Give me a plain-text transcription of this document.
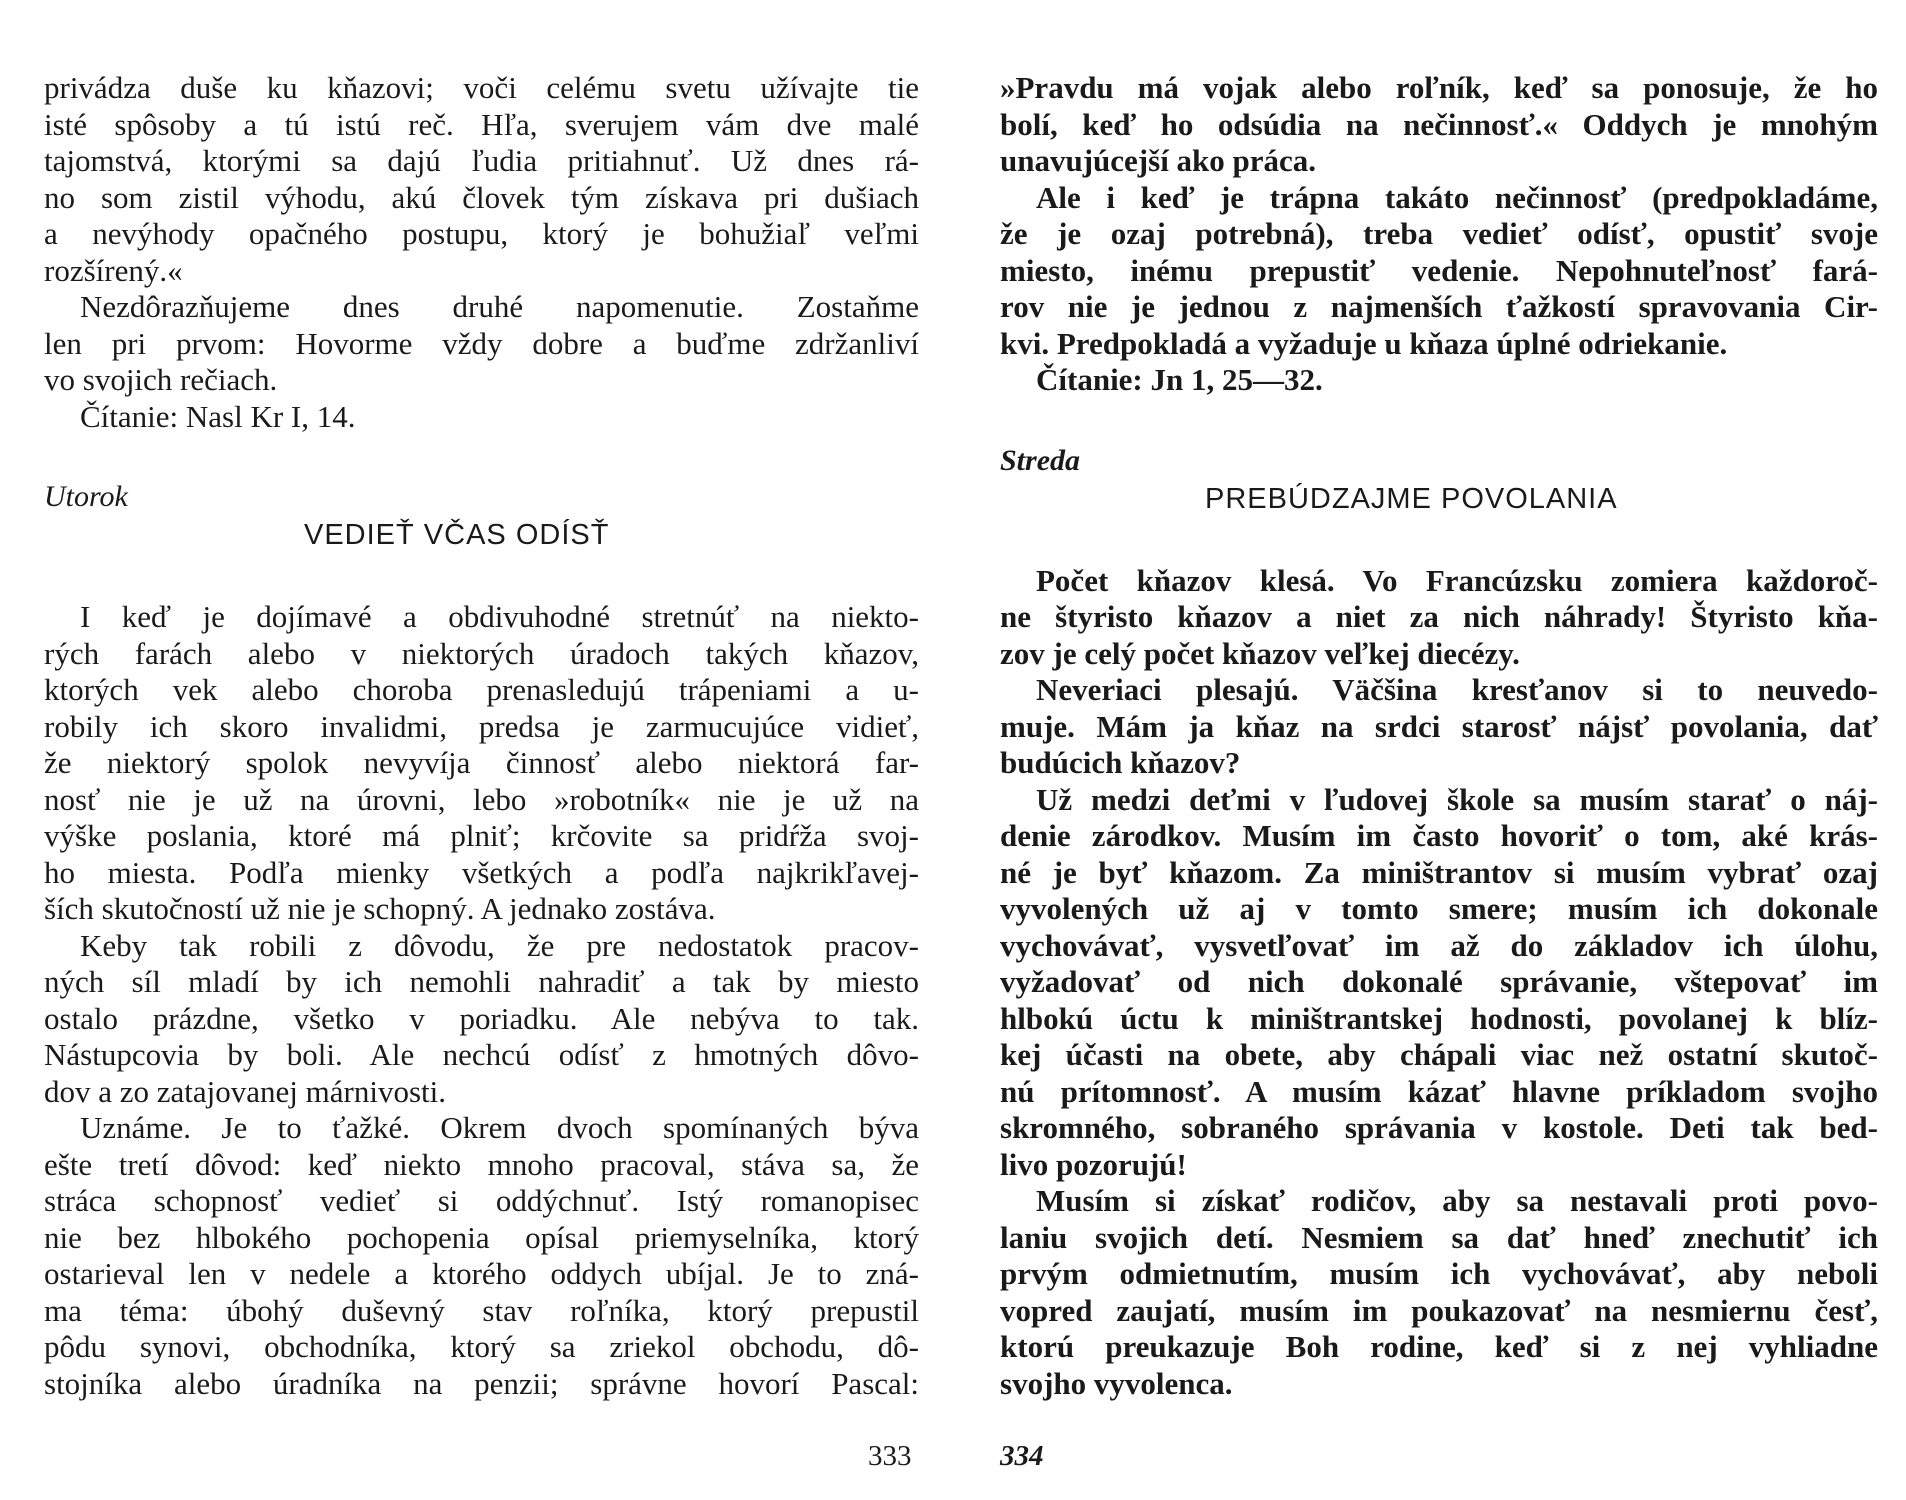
privádza duše ku kňazovi; voči celému svetu užívajte tie
isté spôsoby a tú istú reč. Hľa, sverujem vám dve malé
tajomstvá, ktorými sa dajú ľudia pritiahnuť. Už dnes rá-
no som zistil výhodu, akú človek tým získava pri dušiach
a nevýhody opačného postupu, ktorý je bohužiaľ veľmi
rozšírený.«
Nezdôrazňujeme dnes druhé napomenutie. Zostaňme
len pri prvom: Hovorme vždy dobre a buďme zdržanliví
vo svojich rečiach.
Čítanie: Nasl Kr I, 14.
Utorok
VEDIEŤ VČAS ODÍSŤ
I keď je dojímavé a obdivuhodné stretnúť na niekto-
rých farách alebo v niektorých úradoch takých kňazov,
ktorých vek alebo choroba prenasledujú trápeniami a u-
robily ich skoro invalidmi, predsa je zarmucujúce vidieť,
že niektorý spolok nevyvíja činnosť alebo niektorá far-
nosť nie je už na úrovni, lebo »robotník« nie je už na
výške poslania, ktoré má plniť; krčovite sa pridŕža svoj-
ho miesta. Podľa mienky všetkých a podľa najkrikľavej-
ších skutočností už nie je schopný. A jednako zostáva.
Keby tak robili z dôvodu, že pre nedostatok pracov-
ných síl mladí by ich nemohli nahradiť a tak by miesto
ostalo prázdne, všetko v poriadku. Ale nebýva to tak.
Nástupcovia by boli. Ale nechcú odísť z hmotných dôvo-
dov a zo zatajovanej márnivosti.
Uznáme. Je to ťažké. Okrem dvoch spomínaných býva
ešte tretí dôvod: keď niekto mnoho pracoval, stáva sa, že
stráca schopnosť vedieť si oddýchnuť. Istý romanopisec
nie bez hlbokého pochopenia opísal priemyselníka, ktorý
ostarieval len v nedele a ktorého oddych ubíjal. Je to zná-
ma téma: úbohý duševný stav roľníka, ktorý prepustil
pôdu synovi, obchodníka, ktorý sa zriekol obchodu, dô-
stojníka alebo úradníka na penzii; správne hovorí Pascal:
»Pravdu má vojak alebo roľník, keď sa ponosuje, že ho
bolí, keď ho odsúdia na nečinnosť.« Oddych je mnohým
unavujúcejší ako práca.
Ale i keď je trápna takáto nečinnosť (predpokladáme,
že je ozaj potrebná), treba vedieť odísť, opustiť svoje
miesto, inému prepustiť vedenie. Nepohnuteľnosť fará-
rov nie je jednou z najmenších ťažkostí spravovania Cir-
kvi. Predpokladá a vyžaduje u kňaza úplné odriekanie.
Čítanie: Jn 1, 25—32.
Streda
PREBÚDZAJME POVOLANIA
Počet kňazov klesá. Vo Francúzsku zomiera každoroč-
ne štyristo kňazov a niet za nich náhrady! Štyristo kňa-
zov je celý počet kňazov veľkej diecézy.
Neveriaci plesajú. Väčšina kresťanov si to neuvedo-
muje. Mám ja kňaz na srdci starosť nájsť povolania, dať
budúcich kňazov?
Už medzi deťmi v ľudovej škole sa musím starať o náj-
denie zárodkov. Musím im často hovoriť o tom, aké krás-
né je byť kňazom. Za miništrantov si musím vybrať ozaj
vyvolených už aj v tomto smere; musím ich dokonale
vychovávať, vysvetľovať im až do základov ich úlohu,
vyžadovať od nich dokonalé správanie, vštepovať im
hlbokú úctu k miništrantskej hodnosti, povolanej k blíz-
kej účasti na obete, aby chápali viac než ostatní skutoč-
nú prítomnosť. A musím kázať hlavne príkladom svojho
skromného, sobraného správania v kostole. Deti tak bed-
livo pozorujú!
Musím si získať rodičov, aby sa nestavali proti povo-
laniu svojich detí. Nesmiem sa dať hneď znechutiť ich
prvým odmietnutím, musím ich vychovávať, aby neboli
vopred zaujatí, musím im poukazovať na nesmiernu česť,
ktorú preukazuje Boh rodine, keď si z nej vyhliadne
svojho vyvolenca.
333	334
